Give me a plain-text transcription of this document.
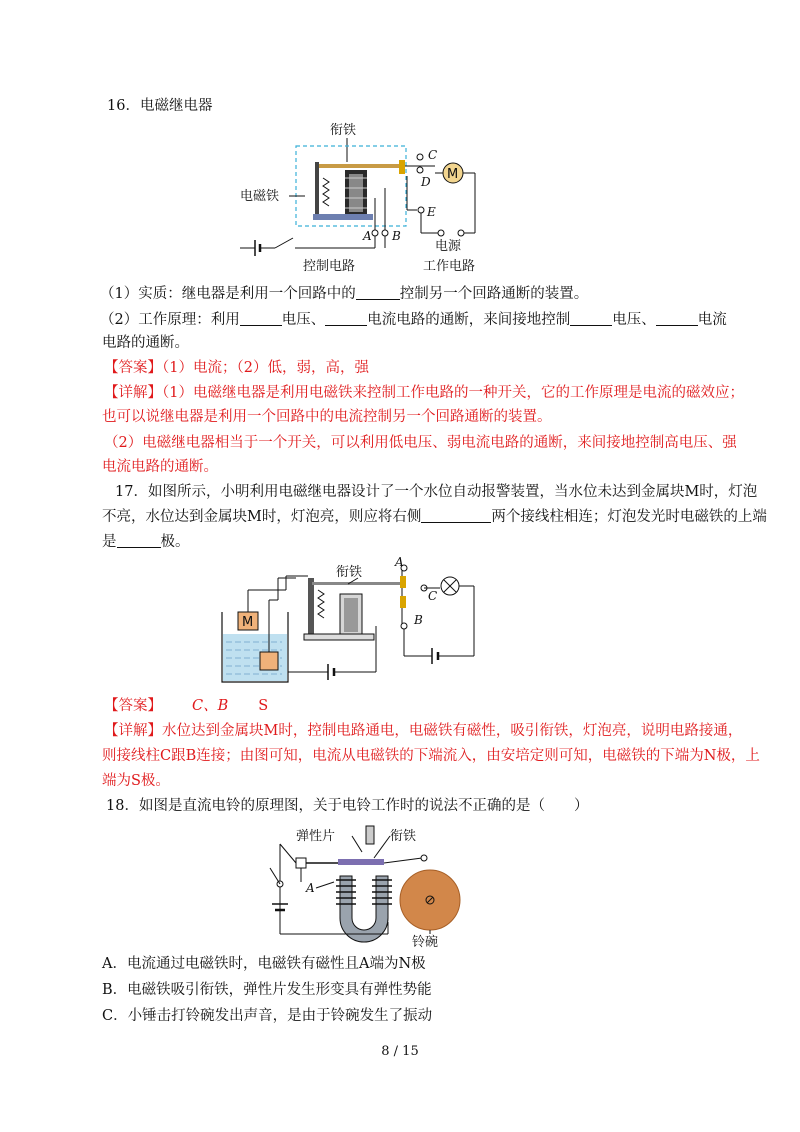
16．电磁继电器
衔铁
电磁铁
C
D M
E
电源
A B
控制电路	工作电路
（1）实质：继电器是利用一个回路中的	控制另一个回路通断的装置。
（2）工作原理：利用	电压、	电流电路的通断，来间接地控制	电压、	电流
电路的通断。
【答案】（1）电流；（2）低，弱，高，强
【详解】（1）电磁继电器是利用电磁铁来控制工作电路的一种开关，它的工作原理是电流的磁效应；
也可以说继电器是利用一个回路中的电流控制另一个回路通断的装置。
（2）电磁继电器相当于一个开关，可以利用低电压、弱电流电路的通断，来间接地控制高电压、强
电流电路的通断。
17．如图所示，小明利用电磁继电器设计了一个水位自动报警装置，当水位未达到金属块M时，灯泡
不亮，水位达到金属块M时，灯泡亮，则应将右侧	两个接线柱相连；灯泡发光时电磁铁的上端
是	极。
M
衔铁
A
B
C
【答案】 C、B S
【详解】水位达到金属块M时，控制电路通电，电磁铁有磁性，吸引衔铁，灯泡亮，说明电路接通，
则接线柱C跟B连接；由图可知，电流从电磁铁的下端流入，由安培定则可知，电磁铁的下端为N极，上
端为S极。
18．如图是直流电铃的原理图，关于电铃工作时的说法不正确的是（　　）
弹性片	衔铁
A
铃碗
A．电流通过电磁铁时，电磁铁有磁性且A端为N极
B．电磁铁吸引衔铁，弹性片发生形变具有弹性势能
C．小锤击打铃碗发出声音，是由于铃碗发生了振动
8 / 15
